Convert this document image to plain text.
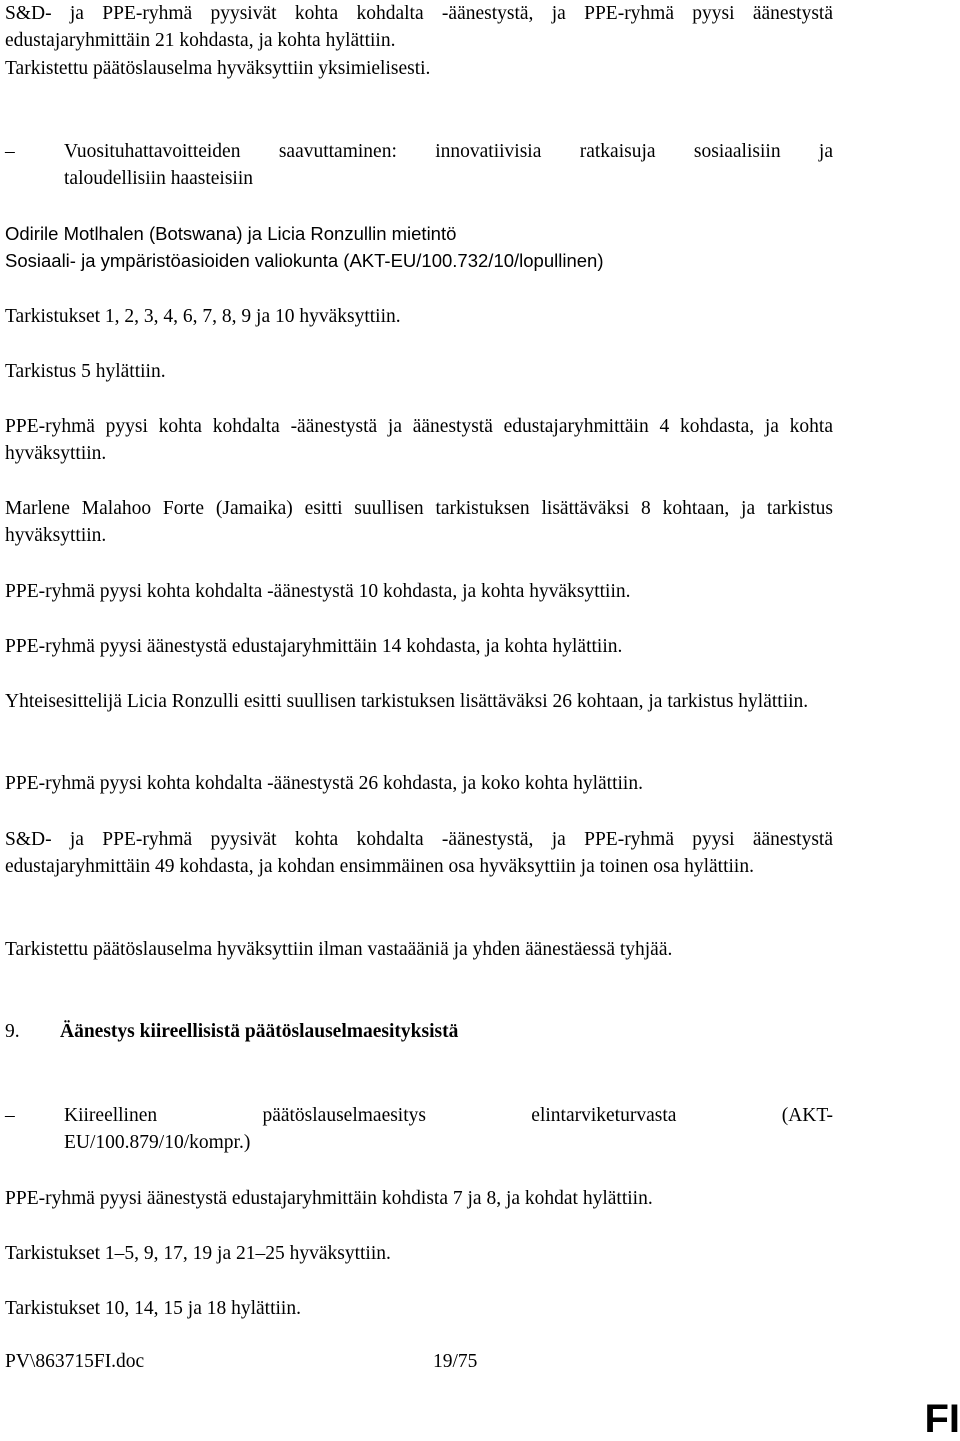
S&D- ja PPE-ryhmä pyysivät kohta kohdalta -äänestystä, ja PPE-ryhmä pyysi äänestystä edustajaryhmittäin 21 kohdasta, ja kohta hylättiin.

Tarkistettu päätöslauselma hyväksyttiin yksimielisesti.

–	Vuosituhattavoitteiden saavuttaminen: innovatiivisia ratkaisuja sosiaalisiin ja
taloudellisiin haasteisiin

Odirile Motlhalen (Botswana) ja Licia Ronzullin mietintö

Sosiaali- ja ympäristöasioiden valiokunta (AKT-EU/100.732/10/lopullinen)

Tarkistukset 1, 2, 3, 4, 6, 7, 8, 9 ja 10 hyväksyttiin.

Tarkistus 5 hylättiin.

PPE-ryhmä pyysi kohta kohdalta -äänestystä ja äänestystä edustajaryhmittäin 4 kohdasta, ja kohta hyväksyttiin.

Marlene Malahoo Forte (Jamaika) esitti suullisen tarkistuksen lisättäväksi 8 kohtaan, ja tarkistus hyväksyttiin.

PPE-ryhmä pyysi kohta kohdalta -äänestystä 10 kohdasta, ja kohta hyväksyttiin.

PPE-ryhmä pyysi äänestystä edustajaryhmittäin 14 kohdasta, ja kohta hylättiin.

Yhteisesittelijä Licia Ronzulli esitti suullisen tarkistuksen lisättäväksi 26 kohtaan, ja tarkistus hylättiin.

PPE-ryhmä pyysi kohta kohdalta -äänestystä 26 kohdasta, ja koko kohta hylättiin.

S&D- ja PPE-ryhmä pyysivät kohta kohdalta -äänestystä, ja PPE-ryhmä pyysi äänestystä edustajaryhmittäin 49 kohdasta, ja kohdan ensimmäinen osa hyväksyttiin ja toinen osa hylättiin.

Tarkistettu päätöslauselma hyväksyttiin ilman vastaääniä ja yhden äänestäessä tyhjää.

9. Äänestys kiireellisistä päätöslauselmaesityksistä
–	Kiireellinen päätöslauselmaesitys elintarviketurvasta (AKT-
EU/100.879/10/kompr.)

PPE-ryhmä pyysi äänestystä edustajaryhmittäin kohdista 7 ja 8, ja kohdat hylättiin.

Tarkistukset 1–5, 9, 17, 19 ja 21–25 hyväksyttiin.

Tarkistukset 10, 14, 15 ja 18 hylättiin.

PV\863715FI.doc	19/75
FI
